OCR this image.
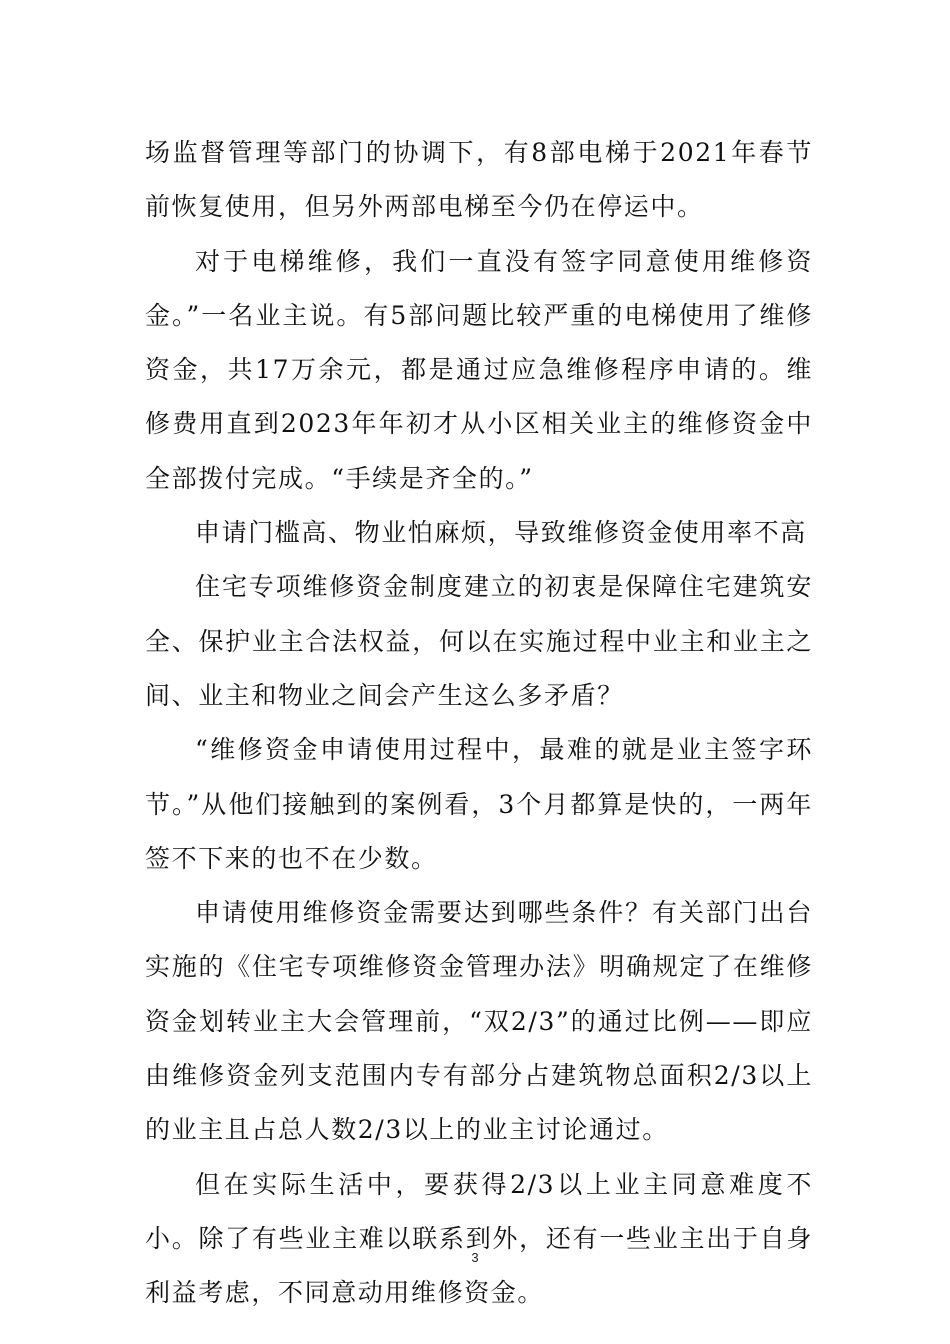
场监督管理等部门的协调下，有8部电梯于2021年春节前恢复使用，但另外两部电梯至今仍在停运中。

对于电梯维修，我们一直没有签字同意使用维修资金。”一名业主说。有5部问题比较严重的电梯使用了维修资金，共17万余元，都是通过应急维修程序申请的。维修费用直到2023年年初才从小区相关业主的维修资金中全部拨付完成。“手续是齐全的。”

申请门槛高、物业怕麻烦，导致维修资金使用率不高

住宅专项维修资金制度建立的初衷是保障住宅建筑安全、保护业主合法权益，何以在实施过程中业主和业主之间、业主和物业之间会产生这么多矛盾？

“维修资金申请使用过程中，最难的就是业主签字环节。”从他们接触到的案例看，3个月都算是快的，一两年签不下来的也不在少数。

申请使用维修资金需要达到哪些条件？有关部门出台实施的《住宅专项维修资金管理办法》明确规定了在维修资金划转业主大会管理前，“双2/3”的通过比例——即应由维修资金列支范围内专有部分占建筑物总面积2/3以上的业主且占总人数2/3以上的业主讨论通过。

但在实际生活中，要获得2/3以上业主同意难度不小。除了有些业主难以联系到外，还有一些业主出于自身利益考虑，不同意动用维修资金。

3
